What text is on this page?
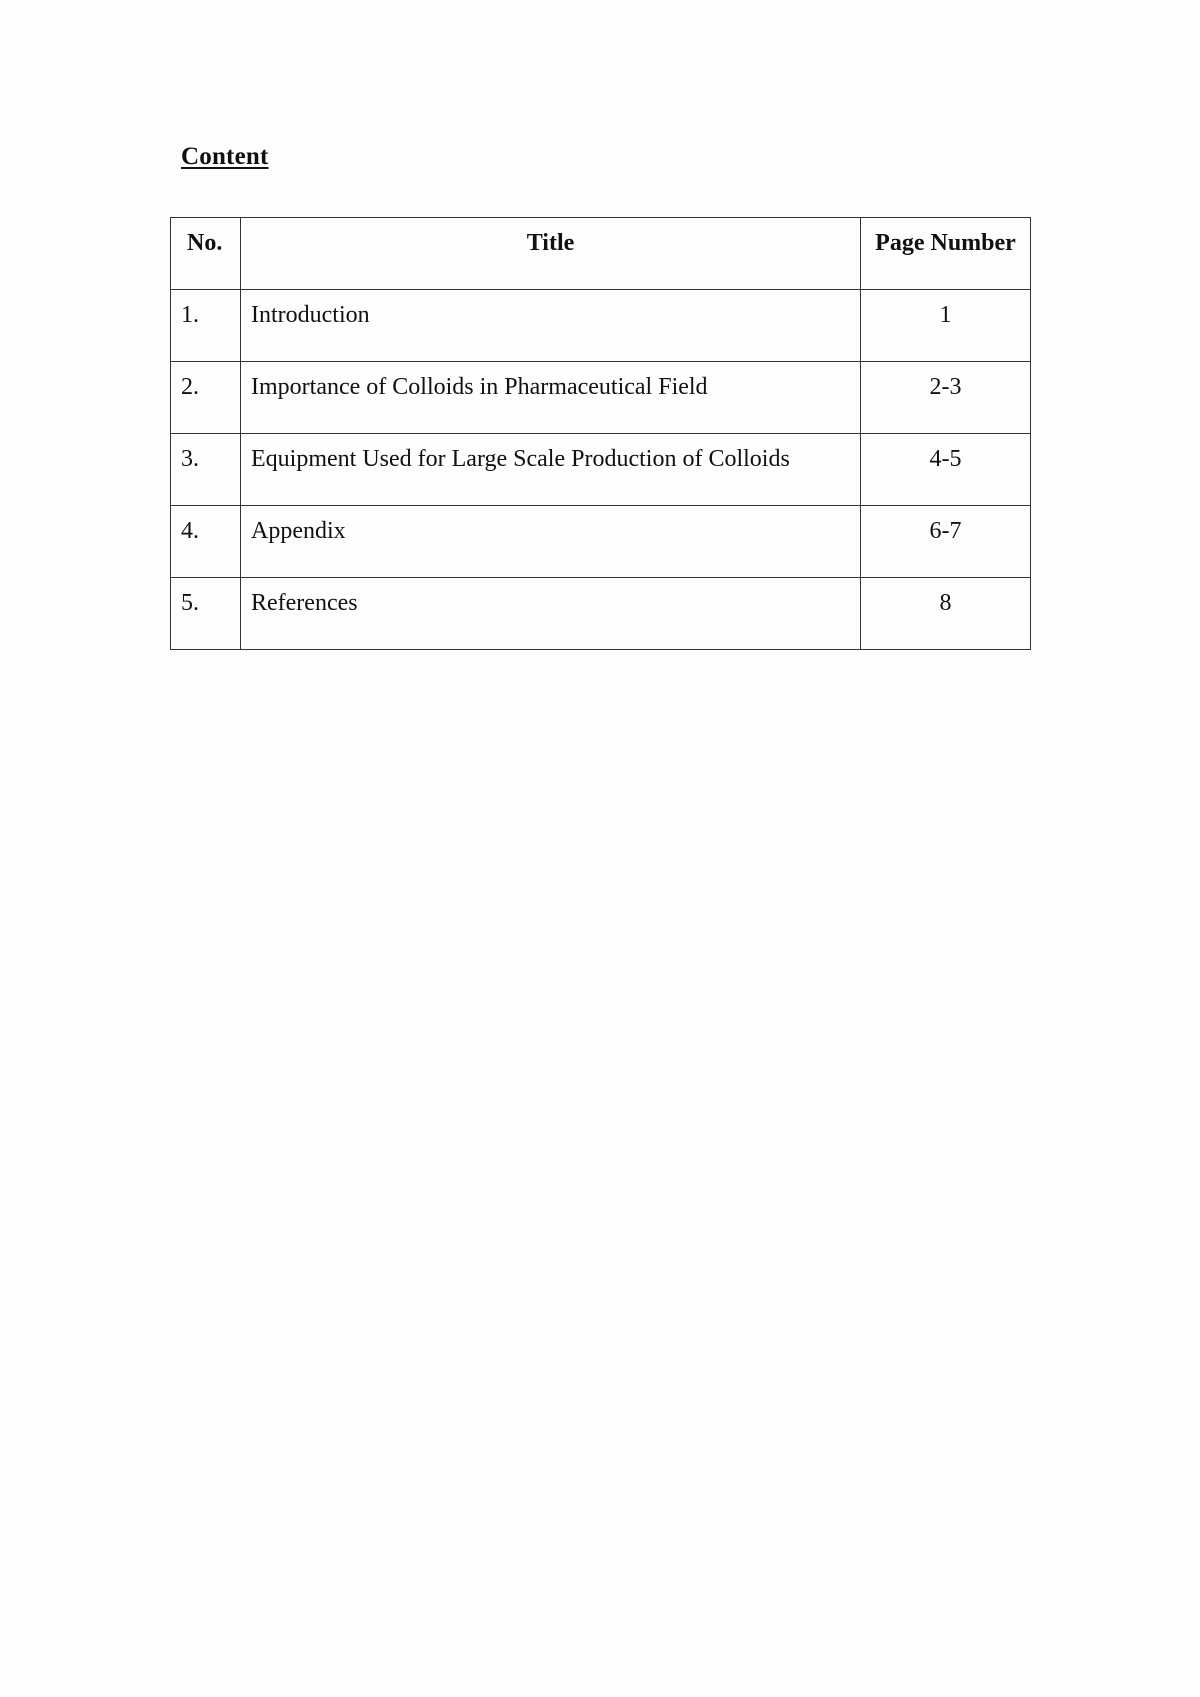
Content
No.	Title	Page Number
1.	Introduction	1
2.	Importance of Colloids in Pharmaceutical Field	2-3
3.	Equipment Used for Large Scale Production of Colloids	4-5
4.	Appendix	6-7
5.	References	8
